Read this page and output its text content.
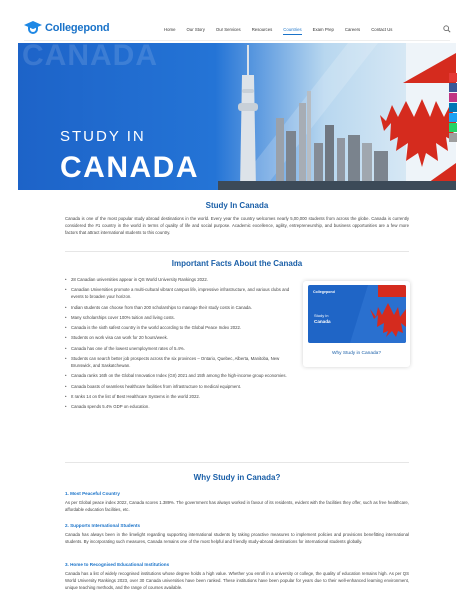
Collegepond	Home	Our Story	Our Services	Resources	Countries	Exam Prep	Careers	Contact Us
CANADA
STUDY IN
CANADA
Study In Canada
Canada is one of the most popular study abroad destinations in the world. Every year the country welcomes nearly 5,00,000 students from across the globe. Canada is currently considered the #1 country in the world in terms of quality of life and social purpose. Academic excellence, agility, entrepreneurship, and business opportunities are a few more factors that attract international students to this country.
Important Facts About the Canada
•	28 Canadian universities appear in QS World University Rankings 2022.
•	Canadian Universities promote a multi-cultural vibrant campus life, impressive infrastructure, and various clubs and events to broaden your horizon.
•	Indian students can choose from than 200 scholarships to manage their study costs in Canada.
•	Many scholarships cover 100% tuition and living costs.
•	Canada is the sixth safest country in the world according to the Global Peace Index 2022.
•	Students on work visa can work for 20 hours/week.
•	Canada has one of the lowest unemployment rates of 5.4%.
•	Students can search better job prospects across the six provinces – Ontario, Quebec, Alberta, Manitoba, New Brunswick, and Saskatchewan.
•	Canada ranks 16th on the Global Innovation Index (GII) 2021 and 15th among the high-income group economies.
•	Canada boasts of seamless healthcare facilities from infrastructure to medical equipment.
•	It ranks 14 on the list of Best Healthcare Systems in the world 2022.
•	Canada spends 5.4% GDP on education.
Collegepond
Study in
Canada
Why Study in Canada?
Why Study in Canada?
1. Most Peaceful Country
As per Global peace index 2022, Canada scores 1.389%. The government has always worked in favour of its residents, evident with the facilities they offer, such as free healthcare, affordable education facilities, etc.
2. Supports International Students
Canada has always been in the limelight regarding supporting international students by taking proactive measures to implement policies and provisions benefitting international students. By incorporating such measures, Canada remains one of the most helpful and friendly study-abroad destinations for international students globally.
3. Home to Recognised Educational Institutions
Canada has a list of widely recognised institutions whose degree holds a high value. Whether you enroll in a university or college, the quality of education remains high. As per QS World University Rankings 2023, over 30 Canada universities have been ranked. These institutions have been popular for years due to their well-enhanced learning environment, unique teaching methods, and the range of courses available.
